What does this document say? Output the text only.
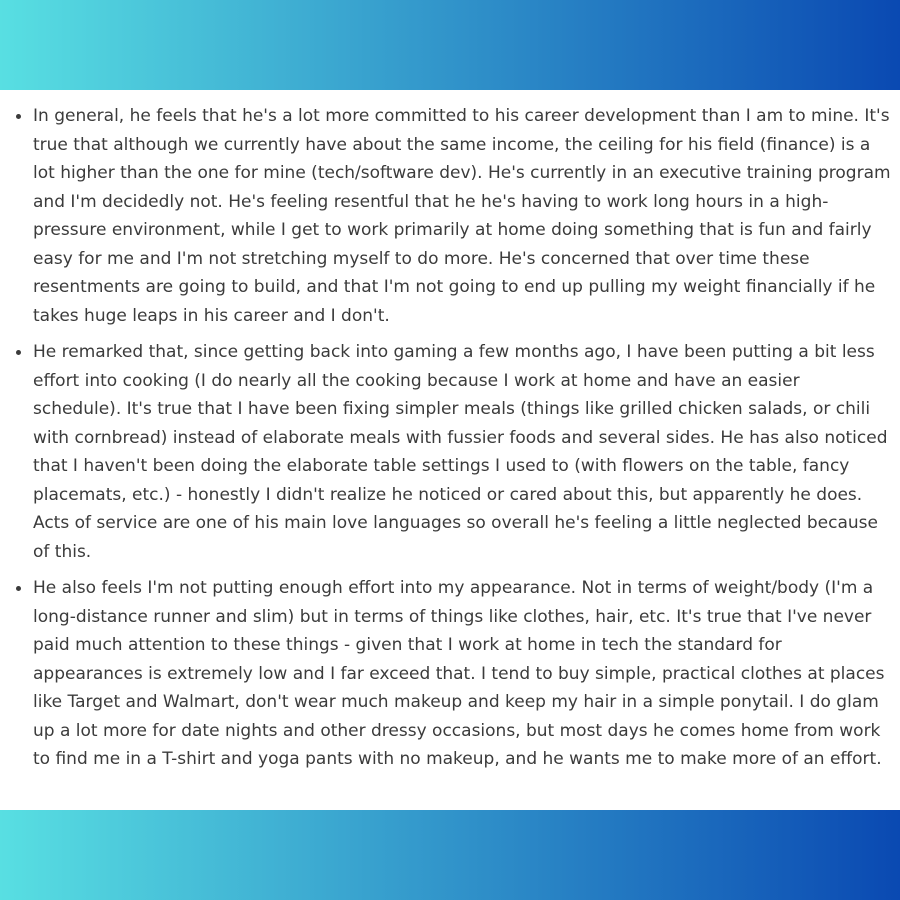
• In general, he feels that he's a lot more committed to his career development than I am to mine. It's true that although we currently have about the same income, the ceiling for his field (finance) is a lot higher than the one for mine (tech/software dev). He's currently in an executive training program and I'm decidedly not. He's feeling resentful that he he's having to work long hours in a high-pressure environment, while I get to work primarily at home doing something that is fun and fairly easy for me and I'm not stretching myself to do more. He's concerned that over time these resentments are going to build, and that I'm not going to end up pulling my weight financially if he takes huge leaps in his career and I don't.
• He remarked that, since getting back into gaming a few months ago, I have been putting a bit less effort into cooking (I do nearly all the cooking because I work at home and have an easier schedule). It's true that I have been fixing simpler meals (things like grilled chicken salads, or chili with cornbread) instead of elaborate meals with fussier foods and several sides. He has also noticed that I haven't been doing the elaborate table settings I used to (with flowers on the table, fancy placemats, etc.) - honestly I didn't realize he noticed or cared about this, but apparently he does. Acts of service are one of his main love languages so overall he's feeling a little neglected because of this.
• He also feels I'm not putting enough effort into my appearance. Not in terms of weight/body (I'm a long-distance runner and slim) but in terms of things like clothes, hair, etc. It's true that I've never paid much attention to these things - given that I work at home in tech the standard for appearances is extremely low and I far exceed that. I tend to buy simple, practical clothes at places like Target and Walmart, don't wear much makeup and keep my hair in a simple ponytail. I do glam up a lot more for date nights and other dressy occasions, but most days he comes home from work to find me in a T-shirt and yoga pants with no makeup, and he wants me to make more of an effort.
